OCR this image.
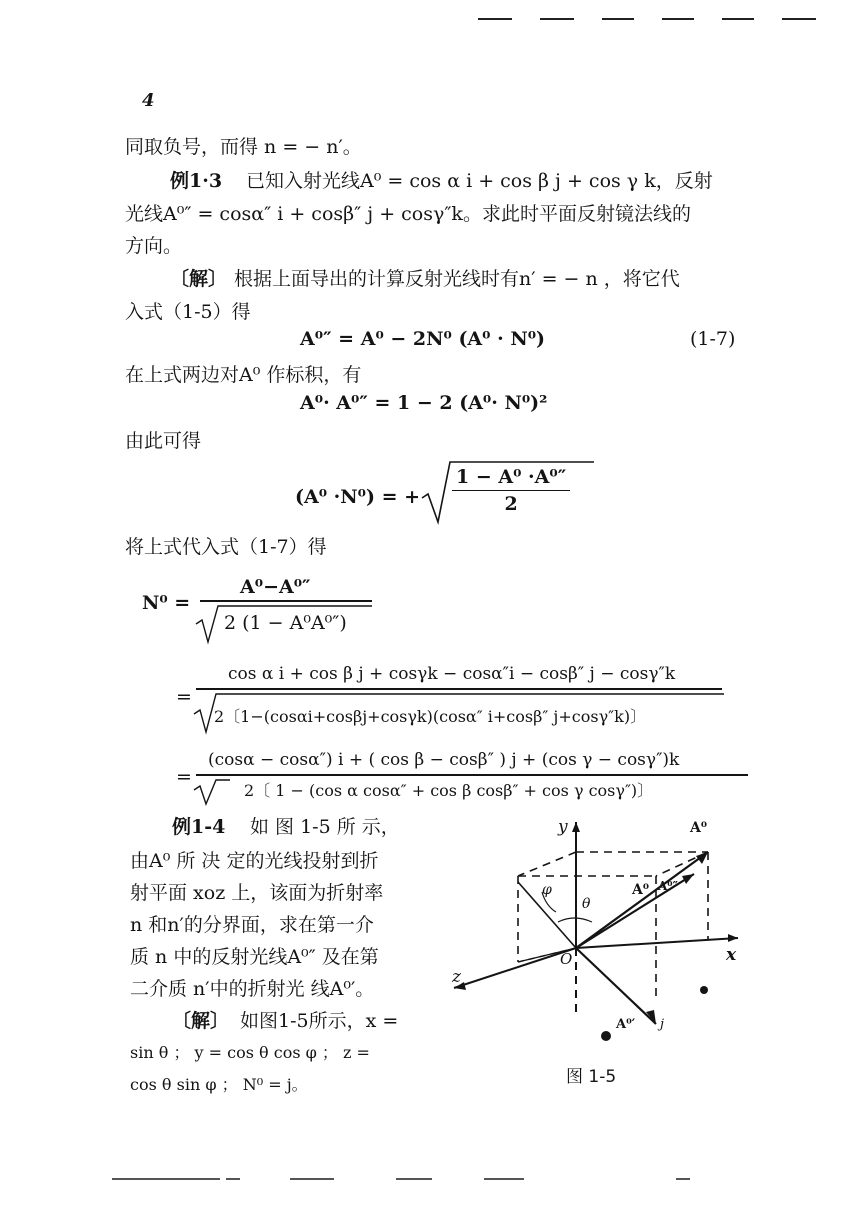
4
同取负号，而得 n = − n′。
例1·3 已知入射光线A⁰ = cos α i + cos β j + cos γ k，反射
光线A⁰″ = cosα″ i + cosβ″ j + cosγ″k。求此时平面反射镜法线的
方向。
〔解〕 根据上面导出的计算反射光线时有n′ = − n ，将它代
入式（1-5）得
A⁰″ = A⁰ − 2N⁰ (A⁰ · N⁰)	(1-7)
在上式两边对A⁰ 作标积，有
A⁰· A⁰″ = 1 − 2 (A⁰· N⁰)²
由此可得
(A⁰ ·N⁰) = + $\frac{\text{1 − A⁰ ·A⁰″}}{2}$
将上式代入式（1-7）得
N⁰ =
A⁰−A⁰″
2 (1 − A⁰A⁰″)
=
cos α i + cos β j + cosγk − cosα″i − cosβ″ j − cosγ″k
2〔1−(cosαi+cosβj+cosγk)(cosα″ i+cosβ″ j+cosγ″k)〕
=
(cosα − cosα″) i + ( cos β − cosβ″ ) j + (cos γ − cosγ″)k
2〔 1 − (cos α cosα″ + cos β cosβ″ + cos γ cosγ″)〕
例1-4 如 图 1-5 所 示，
由A⁰ 所 决 定的光线投射到折
射平面 xoz 上，该面为折射率
n 和n′的分界面，求在第一介
质 n 中的反射光线A⁰″ 及在第
二介质 n′中的折射光 线A⁰′。
〔解〕 如图1-5所示，x =
sin θ ； y = cos θ cos φ ； z =
cos θ sin φ ； N⁰ = j。
y	A⁰
x
z
O
φ
θ
A⁰ A⁰″
A⁰′ j
图 1-5
